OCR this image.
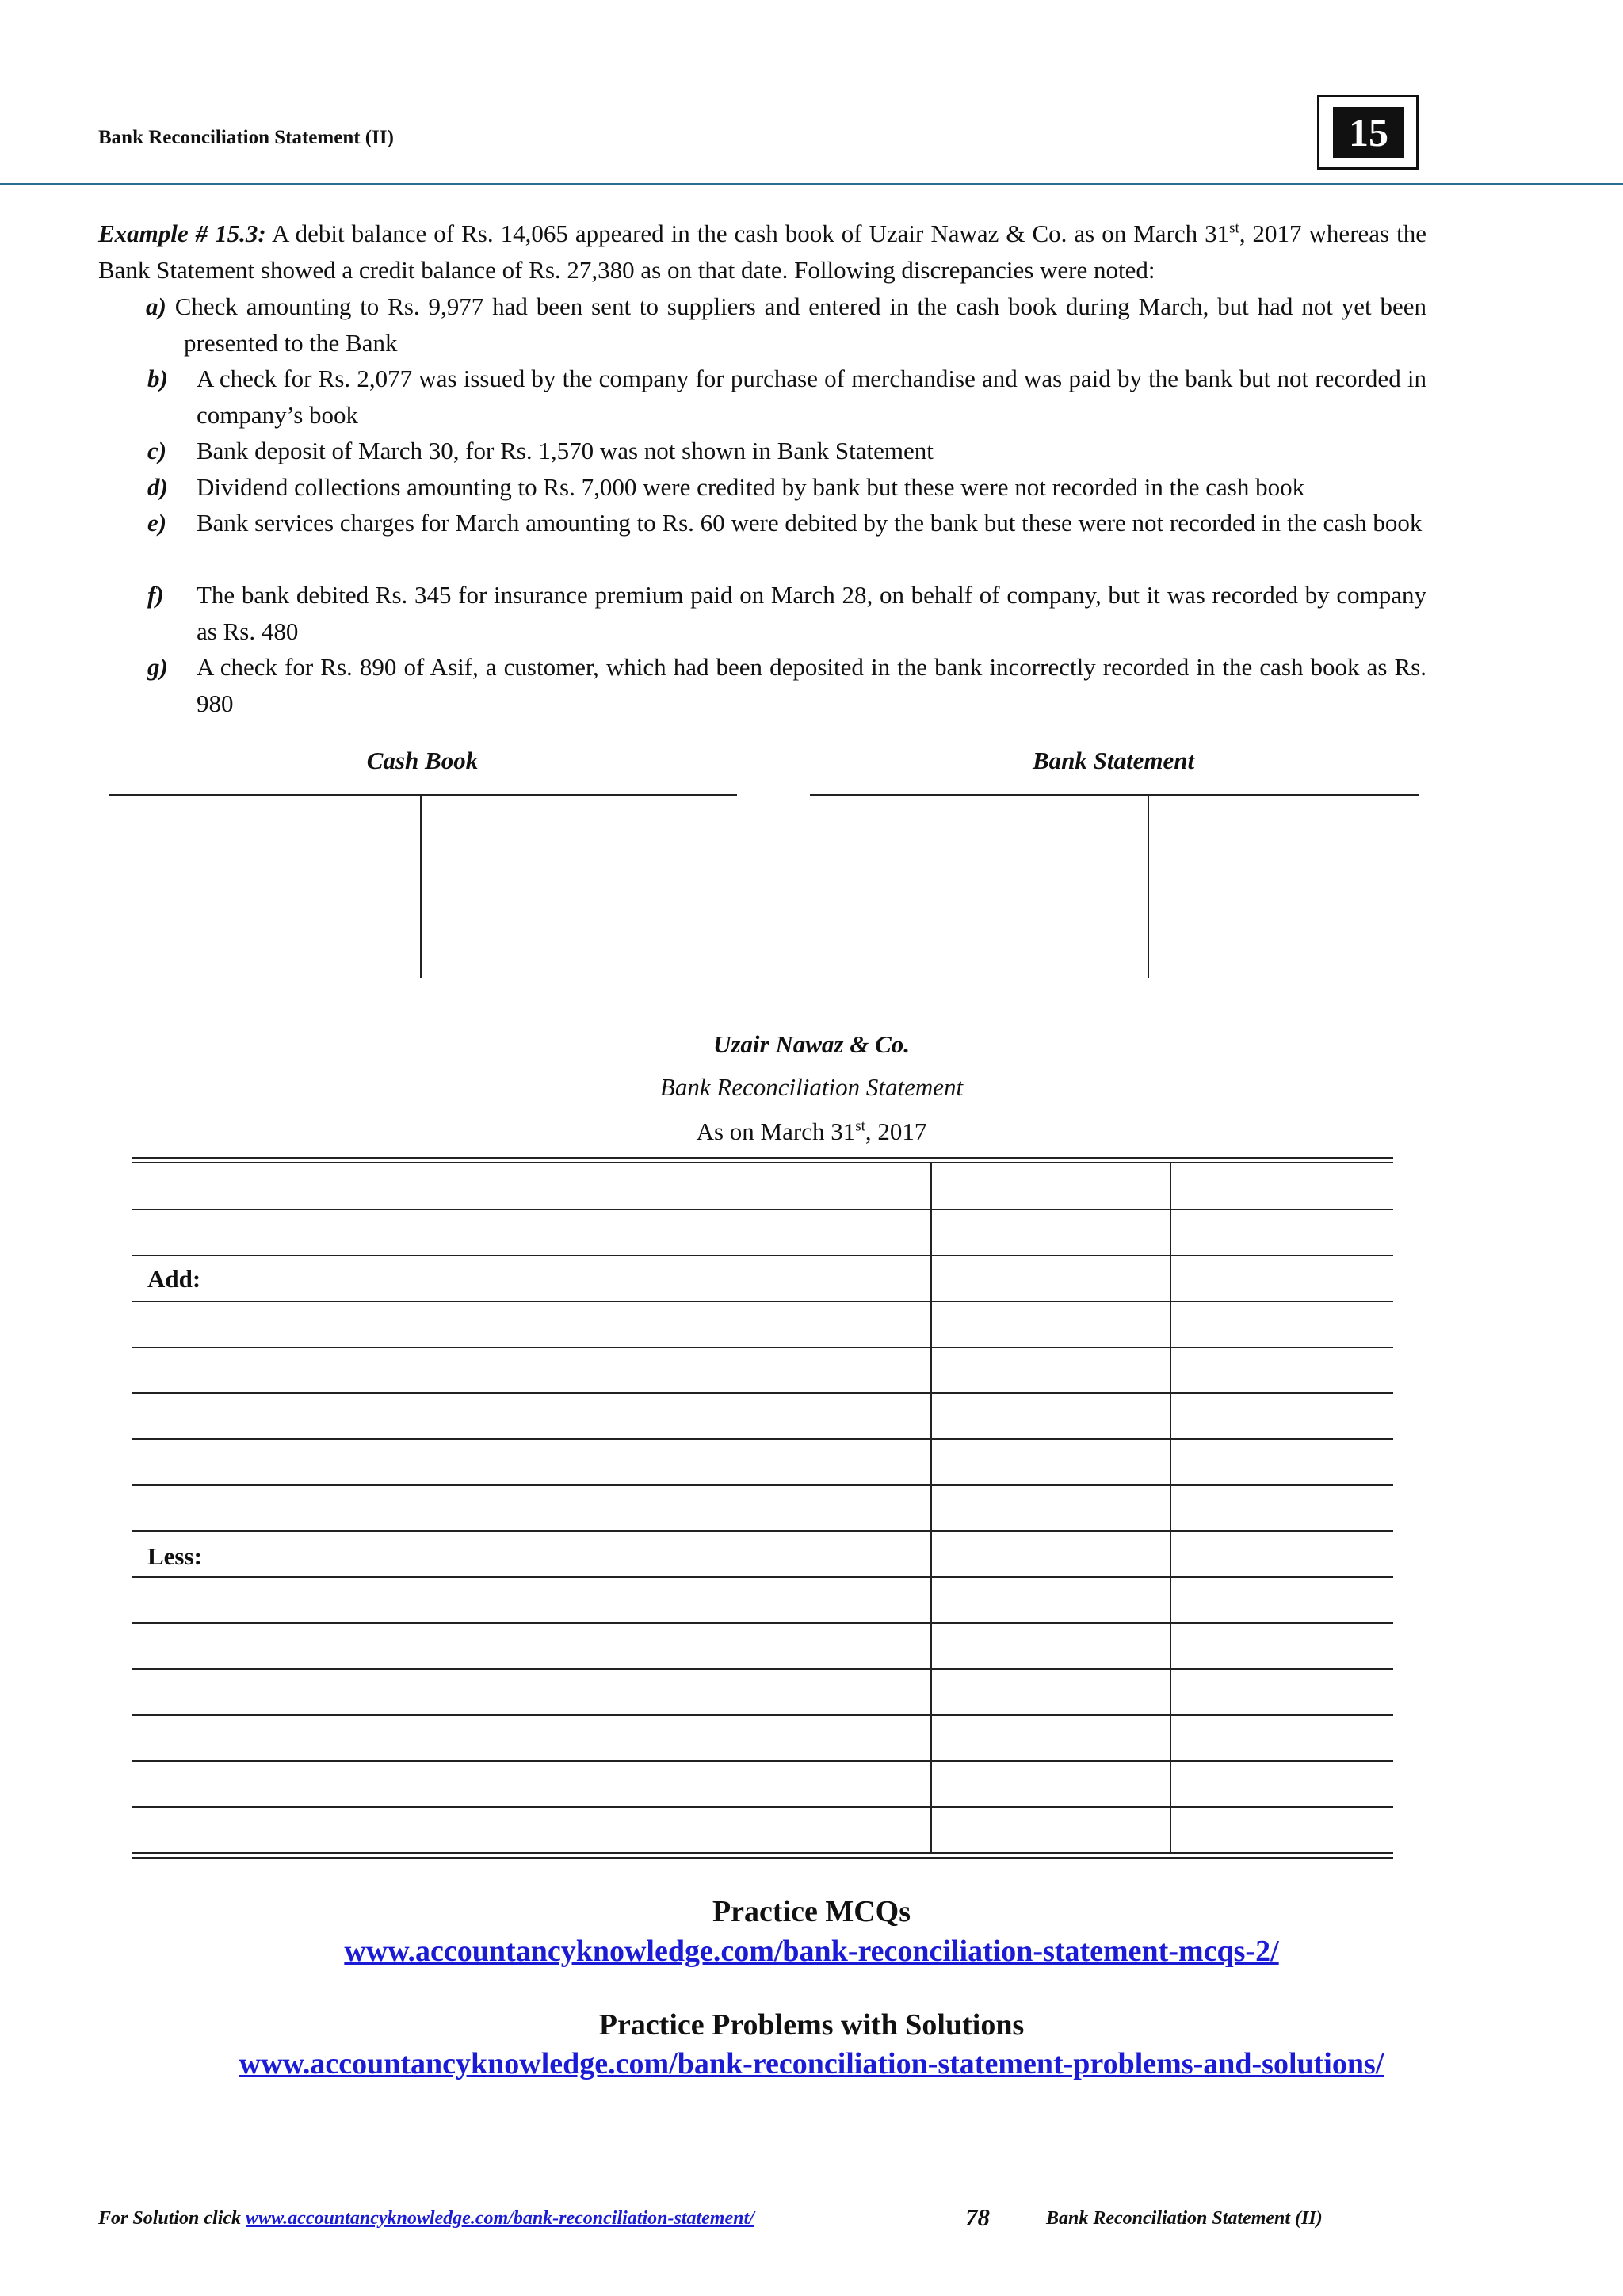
Bank Reconciliation Statement (II)	15
Example # 15.3: A debit balance of Rs. 14,065 appeared in the cash book of Uzair Nawaz & Co. as on March 31st, 2017 whereas the Bank Statement showed a credit balance of Rs. 27,380 as on that date. Following discrepancies were noted:
a) Check amounting to Rs. 9,977 had been sent to suppliers and entered in the cash book during March, but had not yet been presented to the Bank
b) A check for Rs. 2,077 was issued by the company for purchase of merchandise and was paid by the bank but not recorded in company’s book
c) Bank deposit of March 30, for Rs. 1,570 was not shown in Bank Statement
d) Dividend collections amounting to Rs. 7,000 were credited by bank but these were not recorded in the cash book
e) Bank services charges for March amounting to Rs. 60 were debited by the bank but these were not recorded in the cash book
f) The bank debited Rs. 345 for insurance premium paid on March 28, on behalf of company, but it was recorded by company as Rs. 480
g) A check for Rs. 890 of Asif, a customer, which had been deposited in the bank incorrectly recorded in the cash book as Rs. 980
Cash Book	Bank Statement
Uzair Nawaz & Co.
Bank Reconciliation Statement
As on March 31st, 2017
Add:
Less:
Practice MCQs
www.accountancyknowledge.com/bank-reconciliation-statement-mcqs-2/
Practice Problems with Solutions
www.accountancyknowledge.com/bank-reconciliation-statement-problems-and-solutions/
For Solution click www.accountancyknowledge.com/bank-reconciliation-statement/	78	Bank Reconciliation Statement (II)
